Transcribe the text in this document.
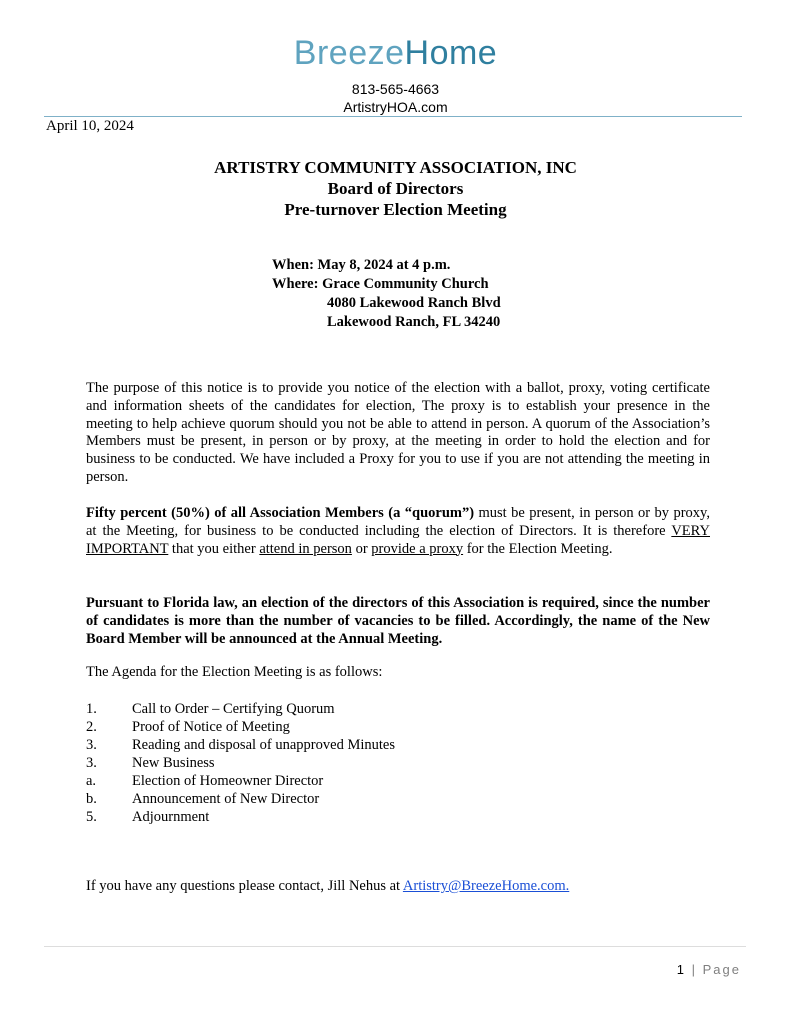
BreezeHome
813-565-4663
ArtistryHOA.com
April 10, 2024
ARTISTRY COMMUNITY ASSOCIATION, INC
Board of Directors
Pre-turnover Election Meeting
When: May 8, 2024 at 4 p.m.
Where: Grace Community Church
4080 Lakewood Ranch Blvd
Lakewood Ranch, FL 34240
The purpose of this notice is to provide you notice of the election with a ballot, proxy, voting certificate and information sheets of the candidates for election, The proxy is to establish your presence in the meeting to help achieve quorum should you not be able to attend in person. A quorum of the Association’s Members must be present, in person or by proxy, at the meeting in order to hold the election and for business to be conducted. We have included a Proxy for you to use if you are not attending the meeting in person.
Fifty percent (50%) of all Association Members (a “quorum”) must be present, in person or by proxy, at the Meeting, for business to be conducted including the election of Directors. It is therefore VERY IMPORTANT that you either attend in person or provide a proxy for the Election Meeting.
Pursuant to Florida law, an election of the directors of this Association is required, since the number of candidates is more than the number of vacancies to be filled. Accordingly, the name of the New Board Member will be announced at the Annual Meeting.
The Agenda for the Election Meeting is as follows:
1.	Call to Order – Certifying Quorum
2.	Proof of Notice of Meeting
3.	Reading and disposal of unapproved Minutes
3.	New Business
a.	Election of Homeowner Director
b.	Announcement of New Director
5.	Adjournment
If you have any questions please contact, Jill Nehus at Artistry@BreezeHome.com.
1 | Page
